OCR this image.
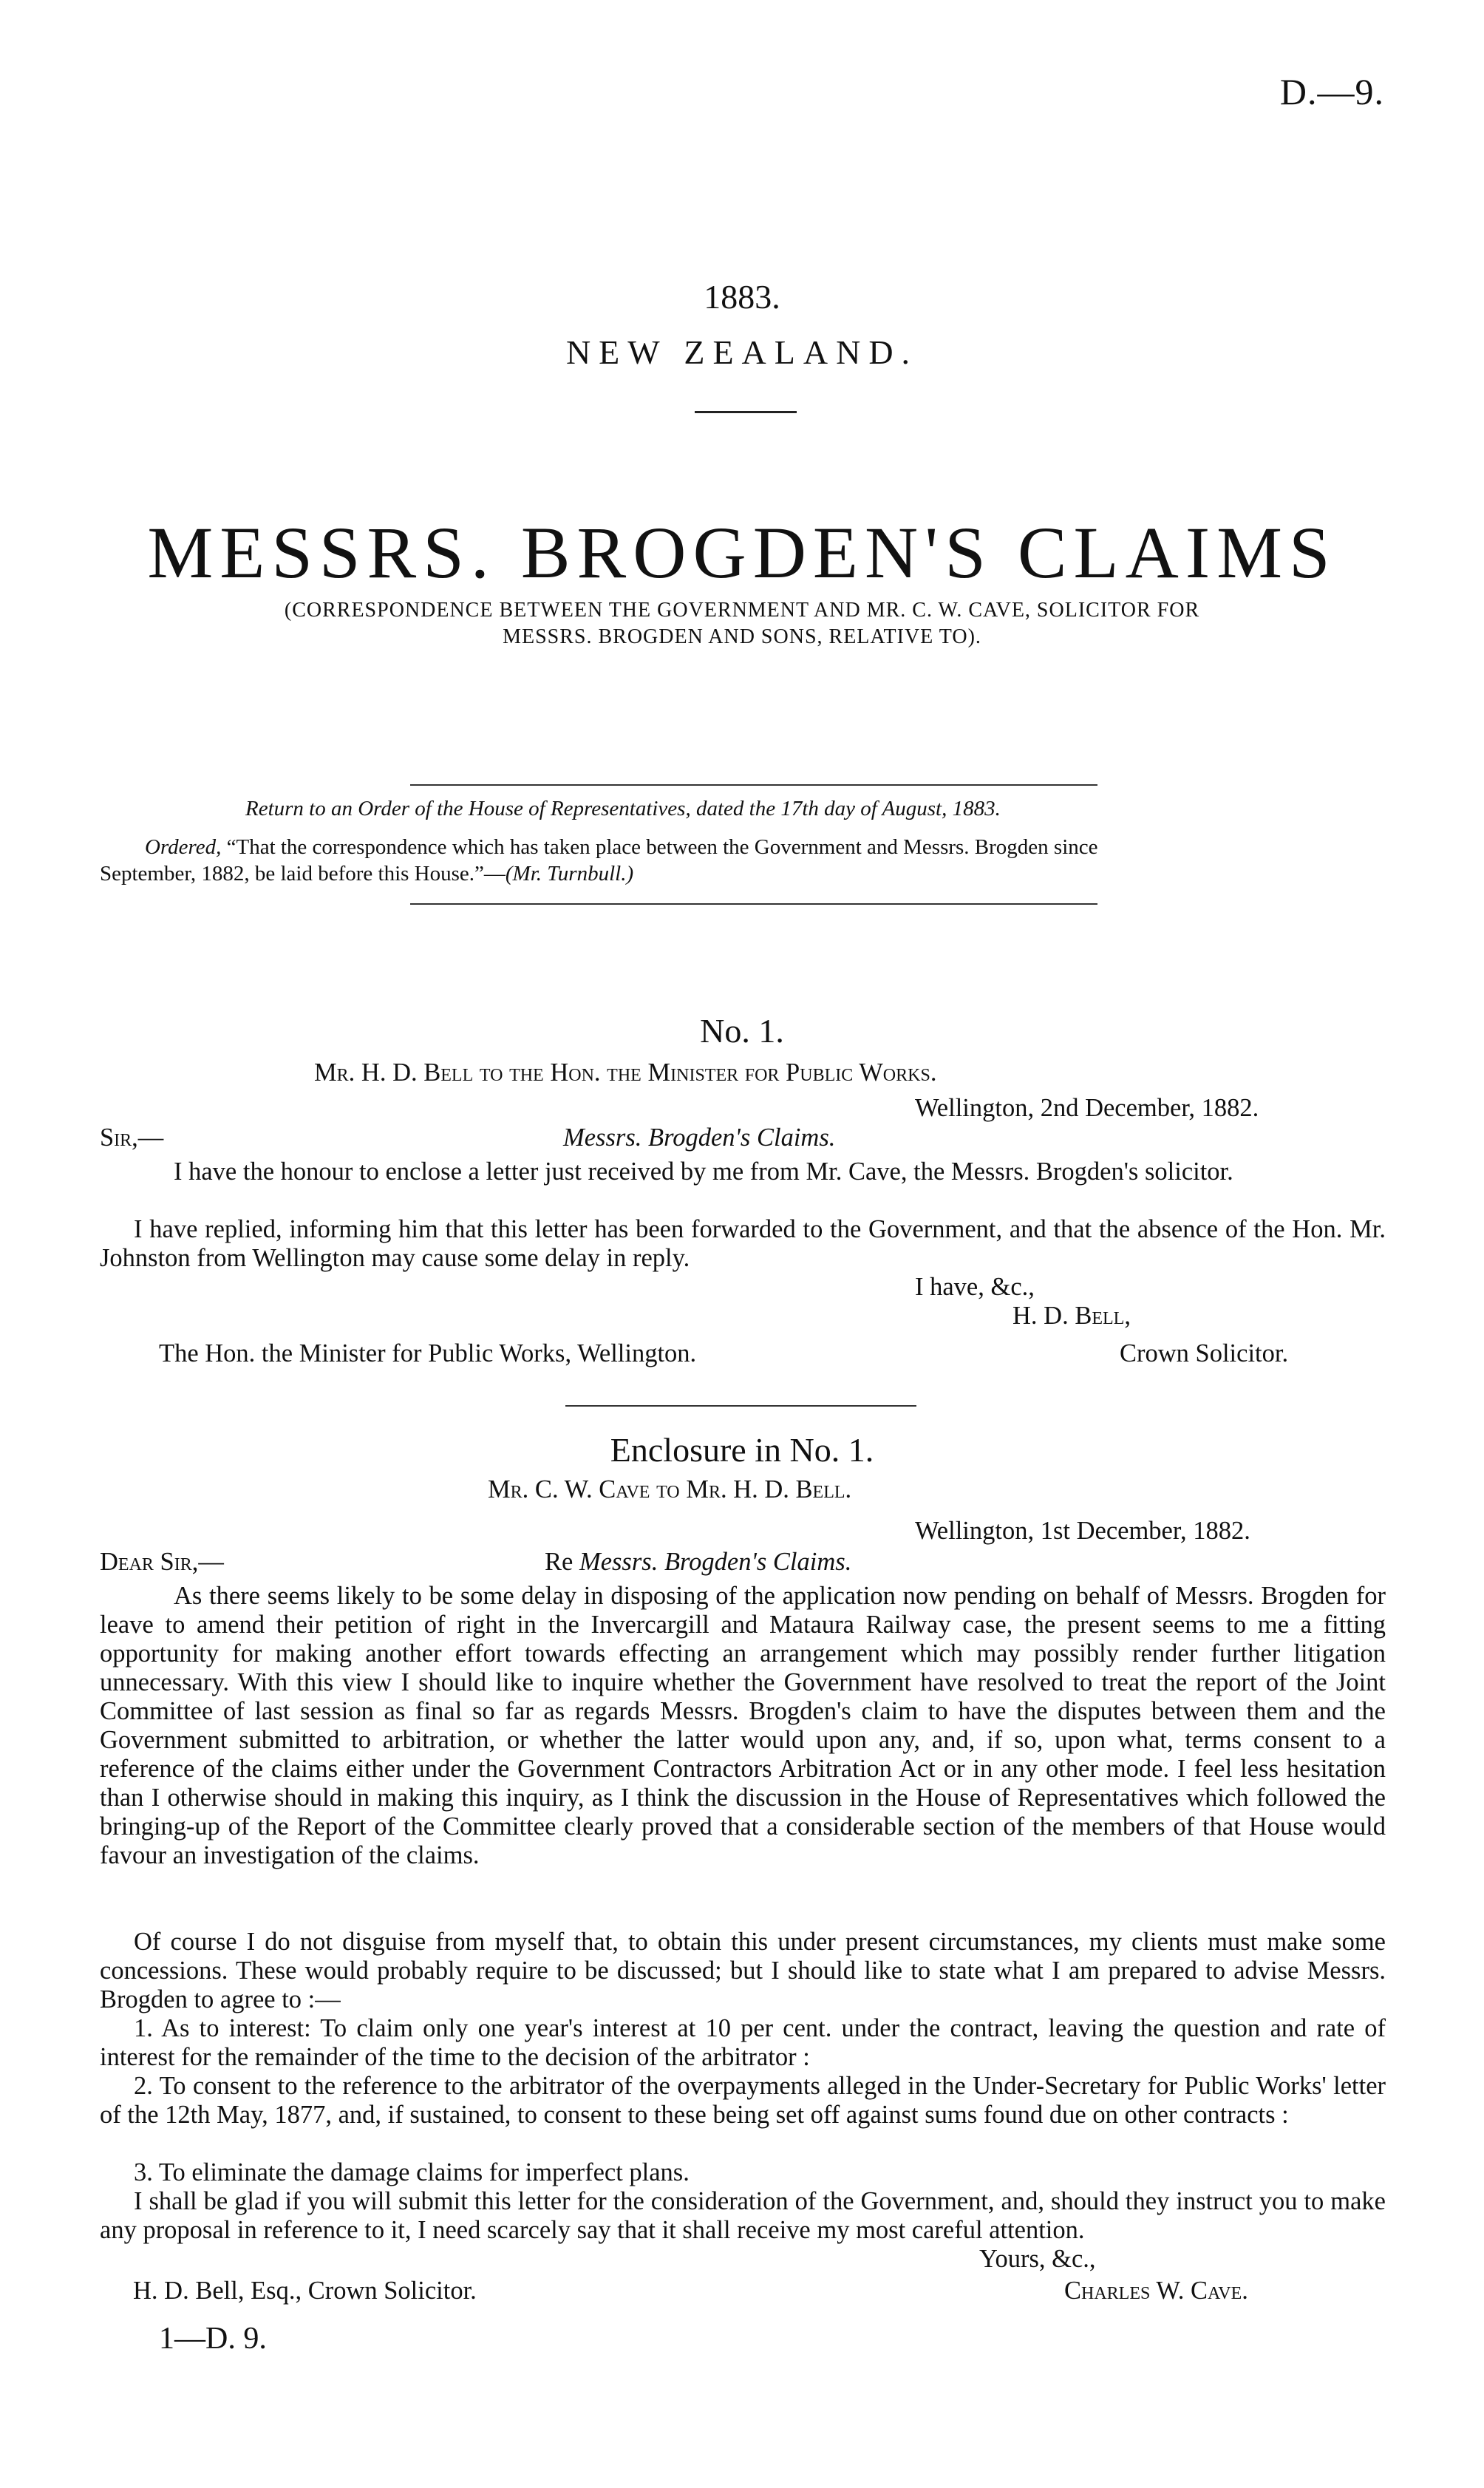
D.—9.
1883.
NEW ZEALAND.
MESSRS. BROGDEN'S CLAIMS
(CORRESPONDENCE BETWEEN THE GOVERNMENT AND MR. C. W. CAVE, SOLICITOR FOR
MESSRS. BROGDEN AND SONS, RELATIVE TO).
Return to an Order of the House of Representatives, dated the 17th day of August, 1883.
Ordered, “That the correspondence which has taken place between the Government and Messrs. Brogden since
September, 1882, be laid before this House.”—(Mr. Turnbull.)
No. 1.
Mr. H. D. Bell to the Hon. the Minister for Public Works.
Wellington, 2nd December, 1882.
Sir,—	Messrs. Brogden's Claims.
I have the honour to enclose a letter just received by me from Mr. Cave, the Messrs. Brogden's solicitor.
I have replied, informing him that this letter has been forwarded to the Government, and that the absence of the Hon. Mr. Johnston from Wellington may cause some delay in reply.
I have, &c.,
H. D. Bell,
The Hon. the Minister for Public Works, Wellington.	Crown Solicitor.
Enclosure in No. 1.
Mr. C. W. Cave to Mr. H. D. Bell.
Wellington, 1st December, 1882.
Dear Sir,—	Re Messrs. Brogden's Claims.
As there seems likely to be some delay in disposing of the application now pending on behalf of Messrs. Brogden for leave to amend their petition of right in the Invercargill and Mataura Railway case, the present seems to me a fitting opportunity for making another effort towards effecting an arrangement which may possibly render further litigation unnecessary. With this view I should like to inquire whether the Government have resolved to treat the report of the Joint Committee of last session as final so far as regards Messrs. Brogden's claim to have the disputes between them and the Government submitted to arbitration, or whether the latter would upon any, and, if so, upon what, terms consent to a reference of the claims either under the Government Contractors Arbitration Act or in any other mode. I feel less hesitation than I otherwise should in making this inquiry, as I think the discussion in the House of Representatives which followed the bringing-up of the Report of the Committee clearly proved that a considerable section of the members of that House would favour an investigation of the claims.
Of course I do not disguise from myself that, to obtain this under present circumstances, my clients must make some concessions. These would probably require to be discussed; but I should like to state what I am prepared to advise Messrs. Brogden to agree to :—
1. As to interest: To claim only one year's interest at 10 per cent. under the contract, leaving the question and rate of interest for the remainder of the time to the decision of the arbitrator :
2. To consent to the reference to the arbitrator of the overpayments alleged in the Under-Secretary for Public Works' letter of the 12th May, 1877, and, if sustained, to consent to these being set off against sums found due on other contracts :
3. To eliminate the damage claims for imperfect plans.
I shall be glad if you will submit this letter for the consideration of the Government, and, should they instruct you to make any proposal in reference to it, I need scarcely say that it shall receive my most careful attention.
Yours, &c.,
H. D. Bell, Esq., Crown Solicitor.	Charles W. Cave.
1—D. 9.
